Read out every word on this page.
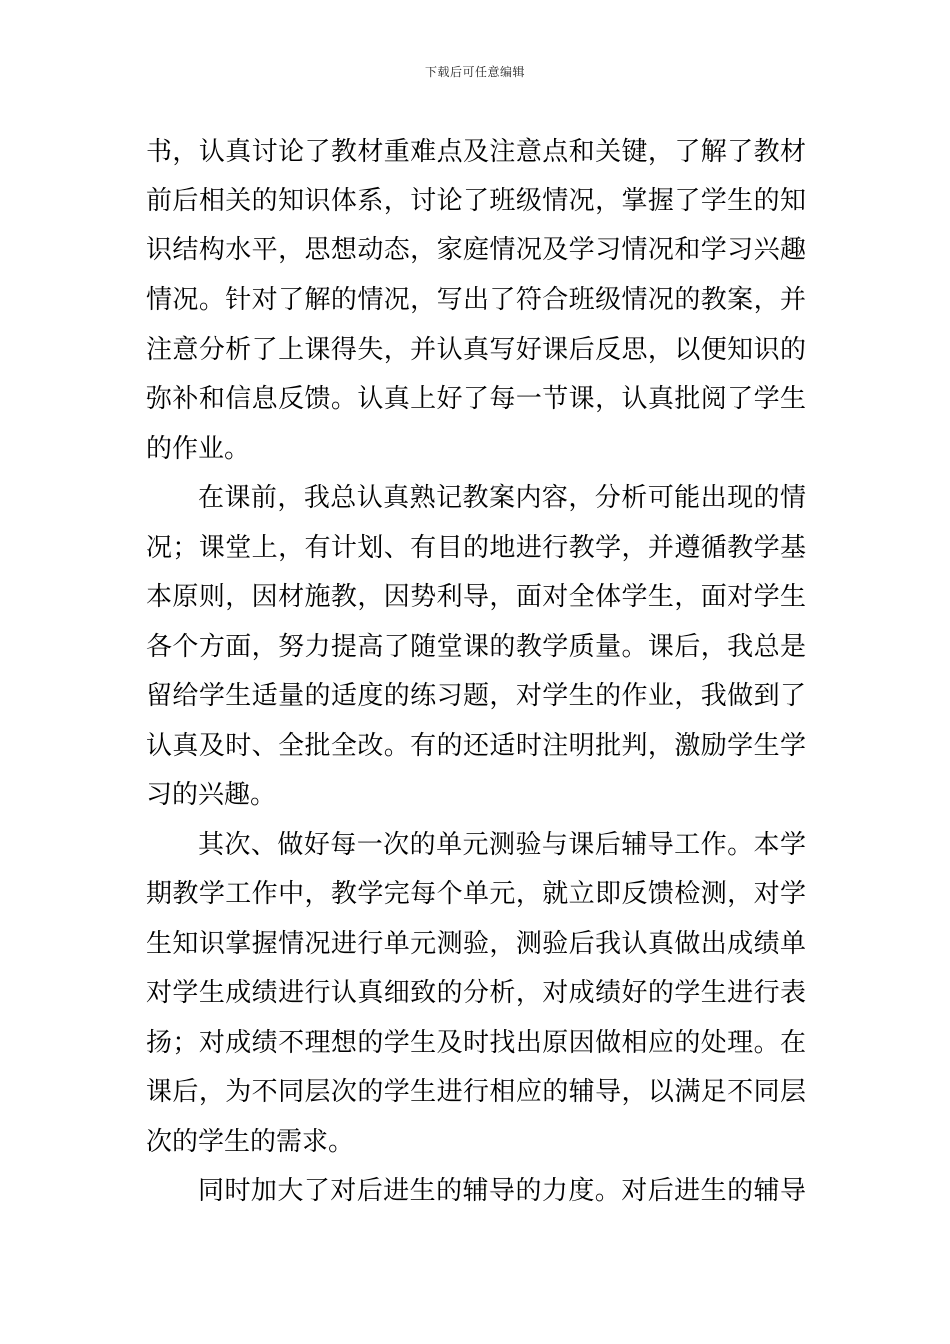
下载后可任意编辑
书，认真讨论了教材重难点及注意点和关键，了解了教材
前后相关的知识体系，讨论了班级情况，掌握了学生的知
识结构水平，思想动态，家庭情况及学习情况和学习兴趣
情况。针对了解的情况，写出了符合班级情况的教案，并
注意分析了上课得失，并认真写好课后反思，以便知识的
弥补和信息反馈。认真上好了每一节课，认真批阅了学生
的作业。
在课前，我总认真熟记教案内容，分析可能出现的情
况；课堂上，有计划、有目的地进行教学，并遵循教学基
本原则，因材施教，因势利导，面对全体学生，面对学生
各个方面，努力提高了随堂课的教学质量。课后，我总是
留给学生适量的适度的练习题，对学生的作业，我做到了
认真及时、全批全改。有的还适时注明批判，激励学生学
习的兴趣。
其次、做好每一次的单元测验与课后辅导工作。本学
期教学工作中，教学完每个单元，就立即反馈检测，对学
生知识掌握情况进行单元测验，测验后我认真做出成绩单
对学生成绩进行认真细致的分析，对成绩好的学生进行表
扬；对成绩不理想的学生及时找出原因做相应的处理。在
课后，为不同层次的学生进行相应的辅导，以满足不同层
次的学生的需求。
同时加大了对后进生的辅导的力度。对后进生的辅导
